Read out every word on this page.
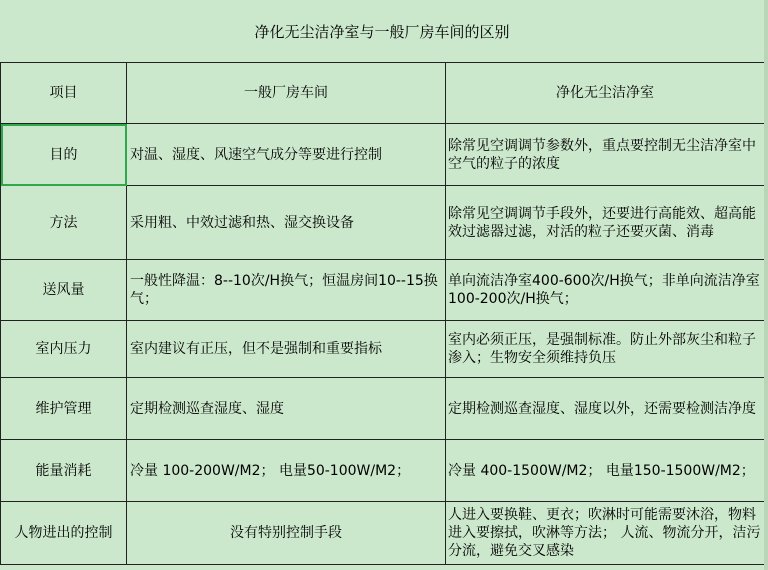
净化无尘洁净室与一般厂房车间的区别
项目	一般厂房车间	净化无尘洁净室
目的	对温、湿度、风速空气成分等要进行控制	除常见空调调节参数外，重点要控制无尘洁净室中空气的粒子的浓度
方法	采用粗、中效过滤和热、湿交换设备	除常见空调调节手段外，还要进行高能效、超高能效过滤器过滤，对活的粒子还要灭菌、消毒
送风量	一般性降温：8--10次/H换气；恒温房间10--15换气；	单向流洁净室400-600次/H换气；非单向流洁净室100-200次/H换气；
室内压力	室内建议有正压，但不是强制和重要指标	室内必须正压，是强制标准。防止外部灰尘和粒子渗入；生物安全须维持负压
维护管理	定期检测巡查湿度、湿度	定期检测巡查湿度、湿度以外，还需要检测洁净度
能量消耗	冷量 100-200W/M2； 电量50-100W/M2；	冷量 400-1500W/M2； 电量150-1500W/M2；
人物进出的控制	没有特别控制手段	人进入要换鞋、更衣；吹淋时可能需要沐浴，物料进入要擦拭，吹淋等方法； 人流、物流分开，洁污分流，避免交叉感染
